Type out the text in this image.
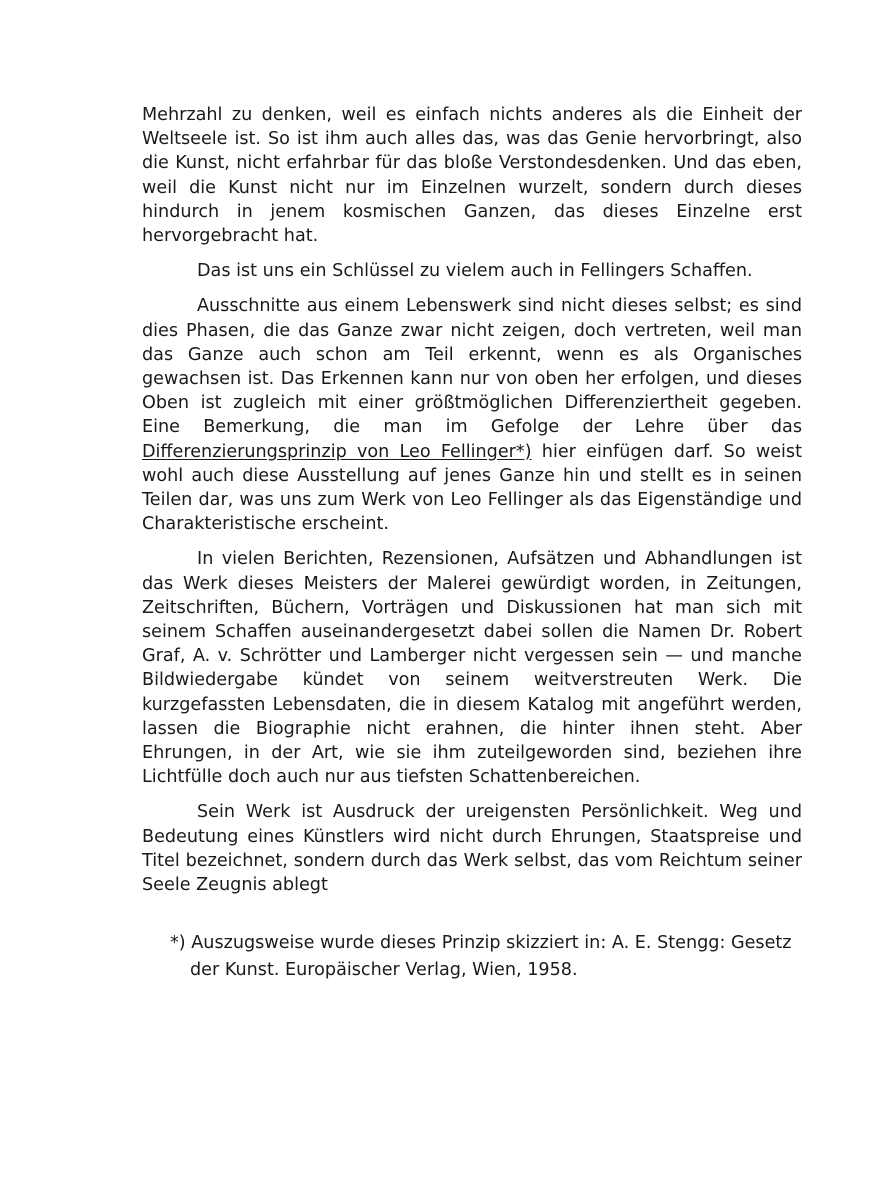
Mehrzahl zu denken, weil es einfach nichts anderes als die Einheit der Weltseele ist. So ist ihm auch alles das, was das Genie hervorbringt, also die Kunst, nicht erfahrbar für das bloße Verstondesdenken. Und das eben, weil die Kunst nicht nur im Einzelnen wurzelt, sondern durch dieses hindurch in jenem kosmischen Ganzen, das dieses Einzelne erst hervorgebracht hat.

Das ist uns ein Schlüssel zu vielem auch in Fellingers Schaffen.

Ausschnitte aus einem Lebenswerk sind nicht dieses selbst; es sind dies Phasen, die das Ganze zwar nicht zeigen, doch vertreten, weil man das Ganze auch schon am Teil erkennt, wenn es als Organisches gewachsen ist. Das Erkennen kann nur von oben her erfolgen, und dieses Oben ist zugleich mit einer größtmöglichen Differenziertheit gegeben. Eine Bemerkung, die man im Gefolge der Lehre über das Differenzierungsprinzip von Leo Fellinger*) hier einfügen darf. So weist wohl auch diese Ausstellung auf jenes Ganze hin und stellt es in seinen Teilen dar, was uns zum Werk von Leo Fellinger als das Eigenständige und Charakteristische erscheint.

In vielen Berichten, Rezensionen, Aufsätzen und Abhandlungen ist das Werk dieses Meisters der Malerei gewürdigt worden, in Zeitungen, Zeitschriften, Büchern, Vorträgen und Diskussionen hat man sich mit seinem Schaffen auseinandergesetzt dabei sollen die Namen Dr. Robert Graf, A. v. Schrötter und Lamberger nicht vergessen sein — und manche Bildwiedergabe kündet von seinem weitverstreuten Werk. Die kurzgefassten Lebensdaten, die in diesem Katalog mit angeführt werden, lassen die Biographie nicht erahnen, die hinter ihnen steht. Aber Ehrungen, in der Art, wie sie ihm zuteilgeworden sind, beziehen ihre Lichtfülle doch auch nur aus tiefsten Schattenbereichen.

Sein Werk ist Ausdruck der ureigensten Persönlichkeit. Weg und Bedeutung eines Künstlers wird nicht durch Ehrungen, Staatspreise und Titel bezeichnet, sondern durch das Werk selbst, das vom Reichtum seiner Seele Zeugnis ablegt

*) Auszugsweise wurde dieses Prinzip skizziert in: A. E. Stengg: Gesetz
der Kunst. Europäischer Verlag, Wien, 1958.
